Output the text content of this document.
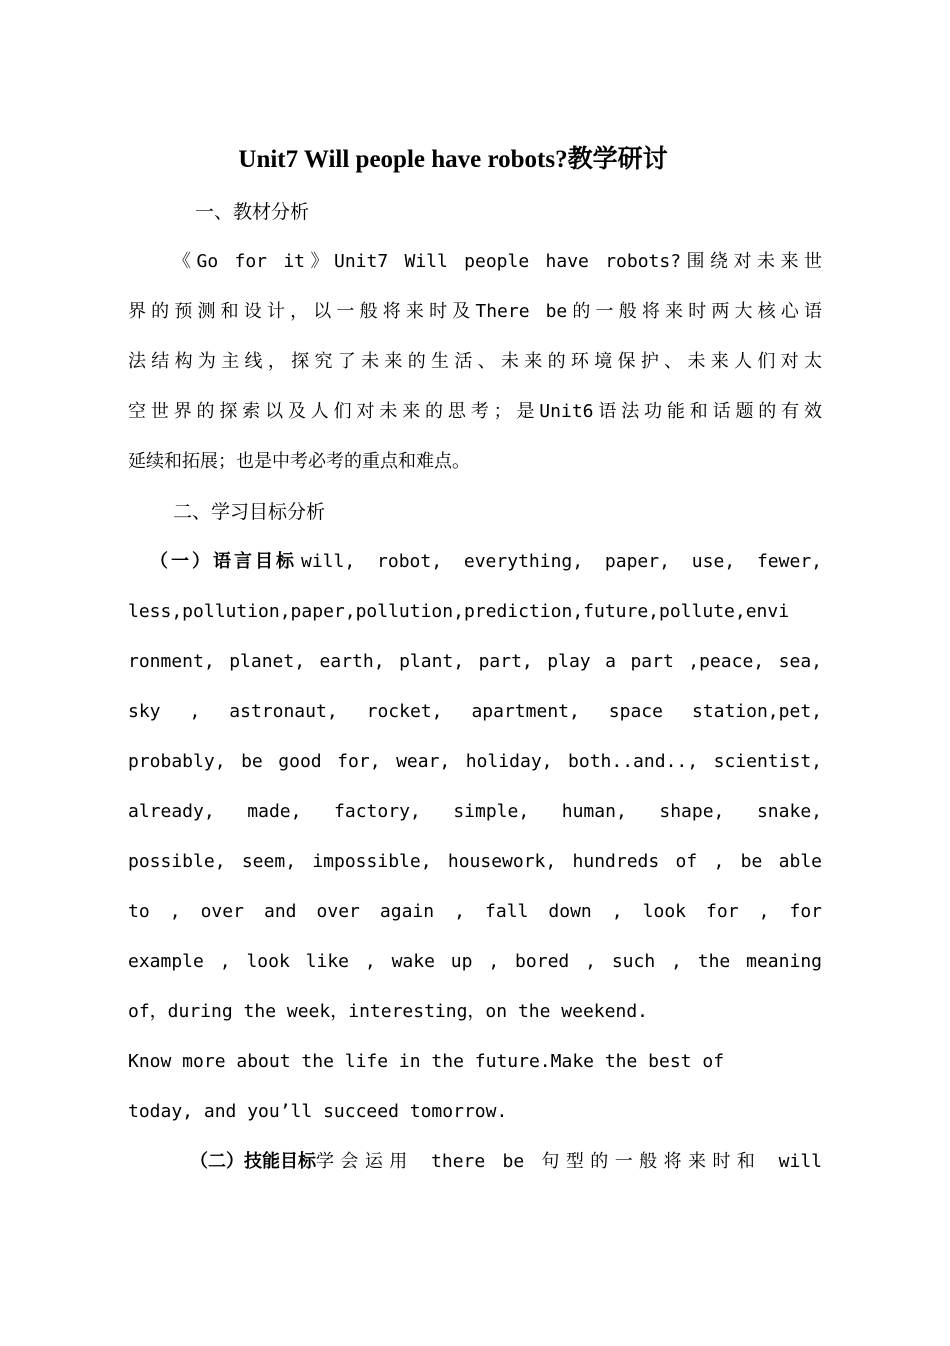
Unit7 Will people have robots?教学研讨
一、教材分析
《Go for it》Unit7 Will people have robots?围绕对未来世
界的预测和设计，以一般将来时及There be的一般将来时两大核心语
法结构为主线，探究了未来的生活、未来的环境保护、未来人们对太
空世界的探索以及人们对未来的思考；是Unit6语法功能和话题的有效
延续和拓展；也是中考必考的重点和难点。
二、学习目标分析
（一）语言目标 will, robot, everything, paper, use, fewer,
less,pollution,paper,pollution,prediction,future,pollute,envi
ronment, planet, earth, plant, part, play a part ,peace, sea,
sky , astronaut, rocket, apartment, space station,pet,
probably, be good for, wear, holiday, both..and.., scientist,
already, made, factory, simple, human, shape, snake,
possible, seem, impossible, housework, hundreds of , be able
to , over and over again , fall down , look for , for
example , look like , wake up , bored , such , the meaning
of，during the week，interesting，on the weekend.
Know more about the life in the future.Make the best of
today, and you’ll succeed tomorrow.
（二）技能目标 学会运用 there be 句型的一般将来时和 will
